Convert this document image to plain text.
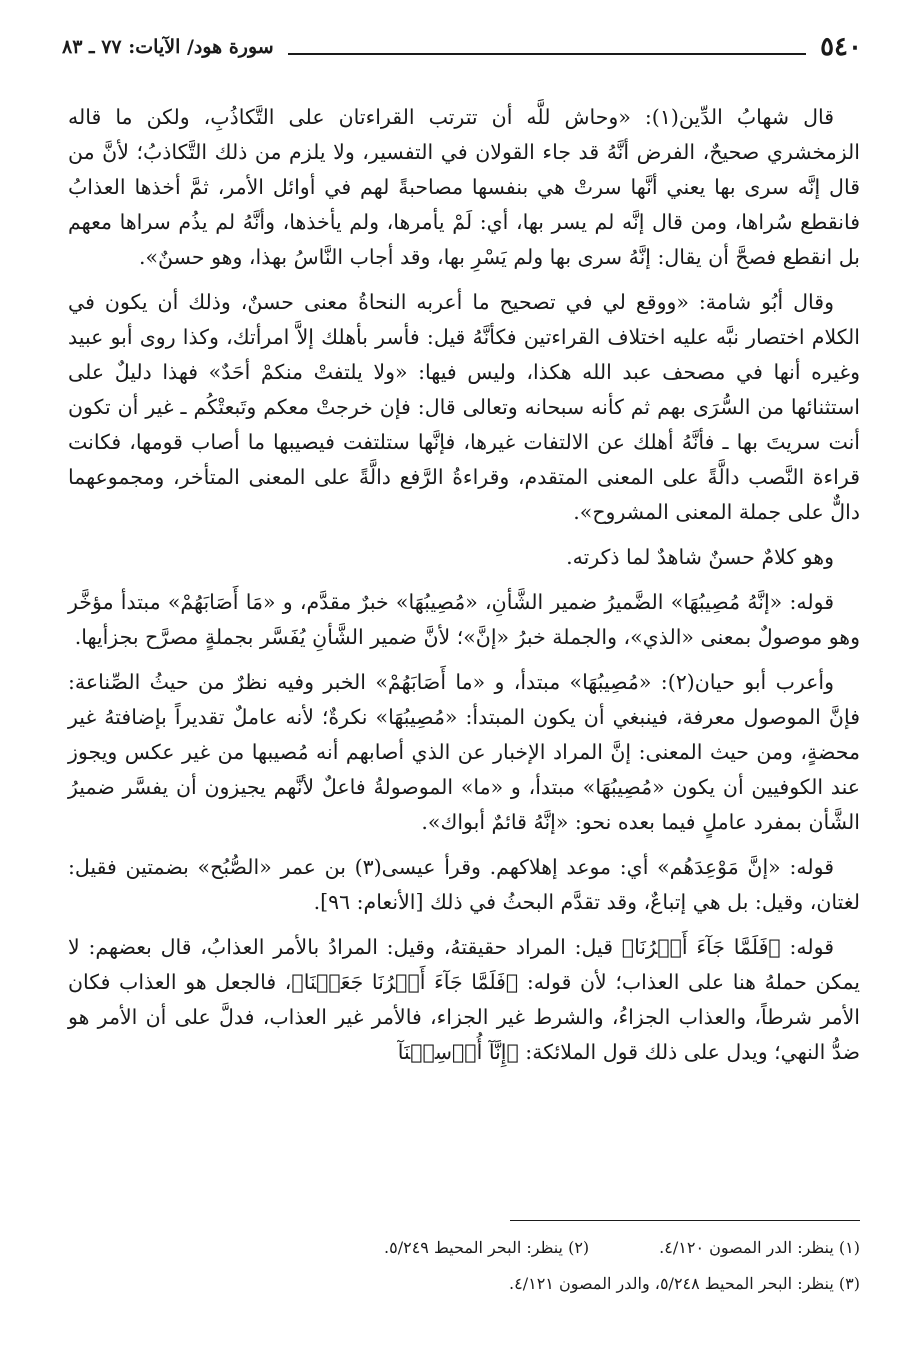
٥٤٠
سورة هود/ الآيات: ٧٧ ـ ٨٣

قال شهابُ الدِّين(١): «وحاش للَّه أن تترتب القراءتان على التَّكاذُبِ، ولكن ما قاله الزمخشري صحيحٌ، الفرض أنَّهُ قد جاء القولان في التفسير، ولا يلزم من ذلك التَّكاذبُ؛ لأنَّ من قال إنَّه سرى بها يعني أنَّها سرتْ هي بنفسها مصاحبةً لهم في أوائل الأمر، ثمَّ أخذها العذابُ فانقطع سُراها، ومن قال إنَّه لم يسر بها، أي: لَمْ يأمرها، ولم يأخذها، وأنَّهُ لم يذُم سراها معهم بل انقطع فصحَّ أن يقال: إنَّهُ سرى بها ولم يَسْرِ بها، وقد أجاب النَّاسُ بهذا، وهو حسنٌ».

وقال أبُو شامة: «ووقع لي في تصحيح ما أعربه النحاةُ معنى حسنٌ، وذلك أن يكون في الكلام اختصار نبَّه عليه اختلاف القراءتين فكأنَّهُ قيل: فأسر بأهلك إلاَّ امرأتك، وكذا روى أبو عبيد وغيره أنها في مصحف عبد الله هكذا، وليس فيها: «ولا يلتفتْ منكمْ أحَدٌ» فهذا دليلٌ على استثنائها من السُّرَى بهم ثم كأنه سبحانه وتعالى قال: فإن خرجتْ معكم وتَبعتْكُم ـ غير أن تكون أنت سريتَ بها ـ فأنَّهُ أهلك عن الالتفات غيرها، فإنَّها ستلتفت فيصيبها ما أصاب قومها، فكانت قراءة النَّصب دالَّةً على المعنى المتقدم، وقراءةُ الرَّفع دالَّةً على المعنى المتأخر، ومجموعهما دالٌّ على جملة المعنى المشروح».

وهو كلامٌ حسنٌ شاهدٌ لما ذكرته.

قوله: «إنَّهُ مُصِيبُهَا» الضَّميرُ ضمير الشَّأنِ، «مُصِيبُهَا» خبرٌ مقدَّم، و «مَا أَصَابَهُمْ» مبتدأ مؤخَّر وهو موصولٌ بمعنى «الذي»، والجملة خبرُ «إنَّ»؛ لأنَّ ضمير الشَّأنِ يُفَسَّر بجملةٍ مصرَّح بجزأيها.

وأعرب أبو حيان(٢): «مُصِيبُهَا» مبتدأ، و «ما أَصَابَهُمْ» الخبر وفيه نظرٌ من حيثُ الصِّناعة: فإنَّ الموصول معرفة، فينبغي أن يكون المبتدأ: «مُصِيبُهَا» نكرةٌ؛ لأنه عاملٌ تقديراً بإضافتهُ غير محضةٍ، ومن حيث المعنى: إنَّ المراد الإخبار عن الذي أصابهم أنه مُصيبها من غير عكس ويجوز عند الكوفيين أن يكون «مُصِيبُهَا» مبتدأ، و «ما» الموصولةُ فاعلٌ لأنَّهم يجيزون أن يفسَّر ضميرُ الشَّأن بمفرد عاملٍ فيما بعده نحو: «إنَّهُ قائمٌ أبواك».

قوله: «إنَّ مَوْعِدَهُم» أي: موعد إهلاكهم. وقرأ عيسى(٣) بن عمر «الصُّبُح» بضمتين فقيل: لغتان، وقيل: بل هي إتباعٌ، وقد تقدَّم البحثُ في ذلك [الأنعام: ٩٦].

قوله: ﴿فَلَمَّا جَآءَ أَمۡرُنَا﴾ قيل: المراد حقيقتهُ، وقيل: المرادُ بالأمر العذابُ، قال بعضهم: لا يمكن حملهُ هنا على العذاب؛ لأن قوله: ﴿فَلَمَّا جَآءَ أَمۡرُنَا جَعَلۡنَا﴾، فالجعل هو العذاب فكان الأمر شرطاً، والعذاب الجزاءُ، والشرط غير الجزاء، فالأمر غير العذاب، فدلَّ على أن الأمر هو ضدُّ النهي؛ ويدل على ذلك قول الملائكة: ﴿إِنَّآ أُرۡسِلۡنَآ

(١) ينظر: الدر المصون ٤/١٢٠.
(٢) ينظر: البحر المحيط ٥/٢٤٩.
(٣) ينظر: البحر المحيط ٥/٢٤٨، والدر المصون ٤/١٢١.
